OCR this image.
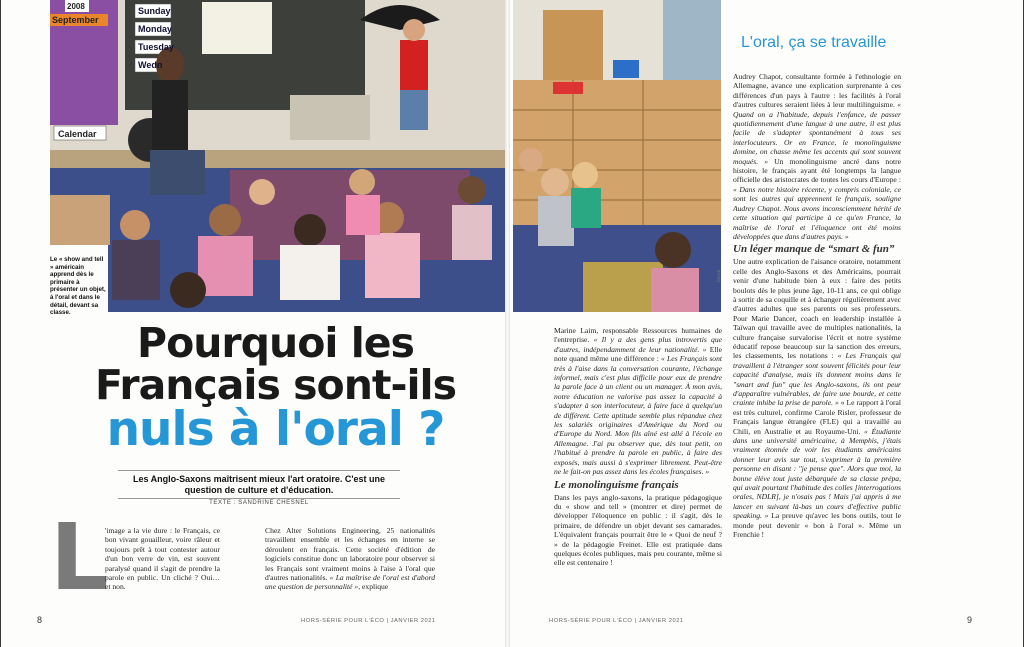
2008
September
Sunday
Monday
Tuesday
Wedn
Calendar
Le « show and tell » américain apprend dès le primaire à présenter un objet, à l'oral et dans le détail, devant sa classe.
Pourquoi les
Français sont-ils
nuls à l'oral ?
Les Anglo-Saxons maîtrisent mieux l'art oratoire. C'est une question de culture et d'éducation.
TEXTE : SANDRINE CHESNEL
L

'image a la vie dure : le Français, ce bon vivant gouailleur, voire râleur et toujours prêt à tout contester autour d'un bon verre de vin, est souvent paralysé quand il s'agit de prendre la parole en public. Un cliché ? Oui… et non.

Chez Alter Solutions Engineering, 25 nationalités travaillent ensemble et les échanges en interne se déroulent en français. Cette société d'édition de logiciels constitue donc un laboratoire pour observer si les Français sont vraiment moins à l'aise à l'oral que d'autres nationalités. « La maîtrise de l'oral est d'abord une question de personnalité », explique

8	HORS-SÉRIE POUR L'ÉCO | JANVIER 2021
iStock
L'oral, ça se travaille

Marine Laim, responsable Ressources humaines de l'entreprise. « Il y a des gens plus introvertis que d'autres, indépendamment de leur nationalité. » Elle note quand même une différence : « Les Français sont très à l'aise dans la conversation courante, l'échange informel, mais c'est plus difficile pour eux de prendre la parole face à un client ou un manager. À mon avis, notre éducation ne valorise pas assez la capacité à s'adapter à son interlocuteur, à faire face à quelqu'un de différent. Cette aptitude semble plus répandue chez les salariés originaires d'Amérique du Nord ou d'Europe du Nord. Mon fils aîné est allé à l'école en Allemagne. J'ai pu observer que, dès tout petit, on l'habitué à prendre la parole en public, à faire des exposés, mais aussi à s'exprimer librement. Peut-être ne le fait-on pas assez dans les écoles françaises. »

Le monolinguisme français

Dans les pays anglo-saxons, la pratique pédagogique du « show and tell » (montrer et dire) permet de développer l'éloquence en public : il s'agit, dès le primaire, de défendre un objet devant ses camarades. L'équivalent français pourrait être le « Quoi de neuf ? » de la pédagogie Freinet. Elle est pratiquée dans quelques écoles publiques, mais peu courante, même si elle est centenaire !

Audrey Chapot, consultante formée à l'ethnologie en Allemagne, avance une explication surprenante à ces différences d'un pays à l'autre : les facilités à l'oral d'autres cultures seraient liées à leur multilinguisme. « Quand on a l'habitude, depuis l'enfance, de passer quotidiennement d'une langue à une autre, il est plus facile de s'adapter spontanément à tous ses interlocuteurs. Or en France, le monolinguisme domine, on chasse même les accents qui sont souvent moqués. » Un monolinguisme ancré dans notre histoire, le français ayant été longtemps la langue officielle des aristocrates de toutes les cours d'Europe : « Dans notre histoire récente, y compris coloniale, ce sont les autres qui apprennent le français, souligne Audrey Chapot. Nous avons inconsciemment hérité de cette situation qui participe à ce qu'en France, la maîtrise de l'oral et l'éloquence ont été moins développées que dans d'autres pays. »

Un léger manque de “smart & fun”

Une autre explication de l'aisance oratoire, notamment celle des Anglo-Saxons et des Américains, pourrait venir d'une habitude bien à eux : faire des petits boulots dès le plus jeune âge, 10-11 ans, ce qui oblige à sortir de sa coquille et à échanger régulièrement avec d'autres adultes que ses parents ou ses professeurs. Pour Marie Dancer, coach en leadership installée à Taïwan qui travaille avec de multiples nationalités, la culture française survalorise l'écrit et notre système éducatif repose beaucoup sur la sanction des erreurs, les classements, les notations : « Les Français qui travaillent à l'étranger sont souvent félicités pour leur capacité d'analyse, mais ils donnent moins dans le "smart and fun" que les Anglo-saxons, ils ont peur d'apparaître vulnérables, de faire une bourde, et cette crainte inhibe la prise de parole. » « Le rapport à l'oral est très culturel, confirme Carole Risler, professeur de Français langue étrangère (FLE) qui a travaillé au Chili, en Australie et au Royaume-Uni. « Étudiante dans une université américaine, à Memphis, j'étais vraiment étonnée de voir les étudiants américains donner leur avis sur tout, s'exprimer à la première personne en disant : "je pense que". Alors que moi, la bonne élève tout juste débarquée de sa classe prépa, qui avait pourtant l'habitude des colles [interrogations orales, NDLR], je n'osais pas ! Mais j'ai appris à me lancer en suivant là-bas un cours d'effective public speaking. » La preuve qu'avec les bons outils, tout le monde peut devenir « bon à l'oral ». Même un Frenchie !

9
HORS-SÉRIE POUR L'ÉCO | JANVIER 2021
